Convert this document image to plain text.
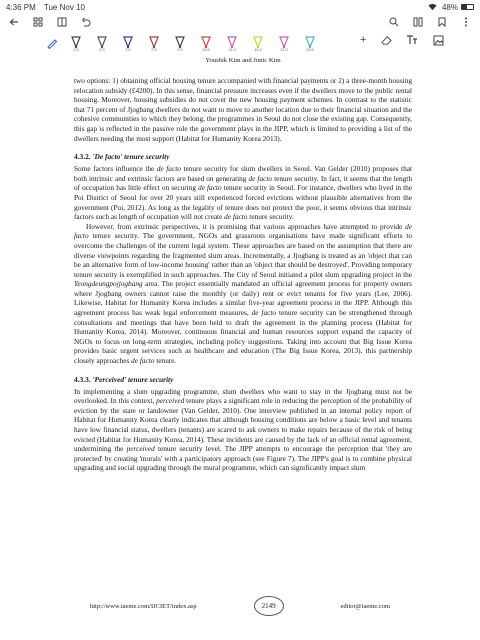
4:36 PM Tue Nov 10	48%
1.0	2.0	2.0	2.0	2.0	10.0	11.0	11.0	11.0	10.0
+
Youshik Kim and Junic Kim

two options: 1) obtaining official housing tenure accompanied with financial payments or 2) a three-month housing relocation subsidy (£4200). In this sense, financial pressure increases even if the dwellers move to the public rental housing. Moreover, housing subsidies do not cover the new housing payment schemes. In contrast to the statistic that 71 percent of Jjogbang dwellers do not want to move to another location due to their financial situation and the cohesive communities to which they belong, the programmes in Seoul do not close the existing gap. Consequently, this gap is reflected in the passive role the government plays in the JIPP, which is limited to providing a list of the dwellers needing the most support (Habitat for Humanity Korea 2013).

4.3.2. 'De facto' tenure security

Some factors influence the de facto tenure security for slum dwellers in Seoul. Van Gelder (2010) proposes that both intrinsic and extrinsic factors are based on generating de facto tenure security. In fact, it seems that the length of occupation has little effect on securing de facto tenure security in Seoul. For instance, dwellers who lived in the Poi District of Seoul for over 20 years still experienced forced evictions without plausible alternatives from the government (Poi, 2012). As long as the legality of tenure does not protect the poor, it seems obvious that intrinsic factors such as length of occupation will not create de facto tenure security.

However, from extrinsic perspectives, it is promising that various approaches have attempted to provide de facto tenure security. The government, NGOs and grassroots organisations have made significant efforts to overcome the challenges of the current legal system. These approaches are based on the assumption that there are diverse viewpoints regarding the fragmented slum areas. Incrementally, a Jjogbang is treated as an 'object that can be an alternative form of low-income housing' rather than an 'object that should be destroyed'. Providing temporary tenure security is exemplified in such approaches. The City of Seoul initiated a pilot slum upgrading project in the Yeongdeungpojjogbang area. The project essentially mandated an official agreement process for property owners where Jjogbang owners cannot raise the monthly (or daily) rent or evict tenants for five years (Lee, 2006). Likewise, Habitat for Humanity Korea includes a similar five-year agreement process in the JIPP. Although this agreement process has weak legal enforcement measures, de facto tenure security can be strengthened through consultations and meetings that have been held to draft the agreement in the planning process (Habitat for Humanity Korea, 2014). Moreover, continuous financial and human resources support expand the capacity of NGOs to focus on long-term strategies, including policy suggestions. Taking into account that Big Issue Korea provides basic urgent services such as healthcare and education (The Big Issue Korea, 2013), this partnership closely approaches de facto tenure.

4.3.3. 'Perceived' tenure security

In implementing a slum upgrading programme, slum dwellers who want to stay in the Jjogbang must not be overlooked. In this context, perceived tenure plays a significant role in reducing the perception of the probability of eviction by the state or landowner (Van Gelder, 2010). One interview published in an internal policy report of Habitat for Humanity Korea clearly indicates that although housing conditions are below a basic level and tenants have low financial status, dwellers (tenants) are scared to ask owners to make repairs because of the risk of being evicted (Habitat for Humanity Korea, 2014). These incidents are caused by the lack of an official rental agreement, undermining the perceived tenure security level. The JIPP attempts to encourage the perception that 'they are protected' by creating 'murals' with a participatory approach (see Figure 7). The JIPP's goal is to combine physical upgrading and social upgrading through the mural programme, which can significantly impact slum

http://www.iaeme.com/IJCIET/index.asp	2149	editor@iaeme.com
